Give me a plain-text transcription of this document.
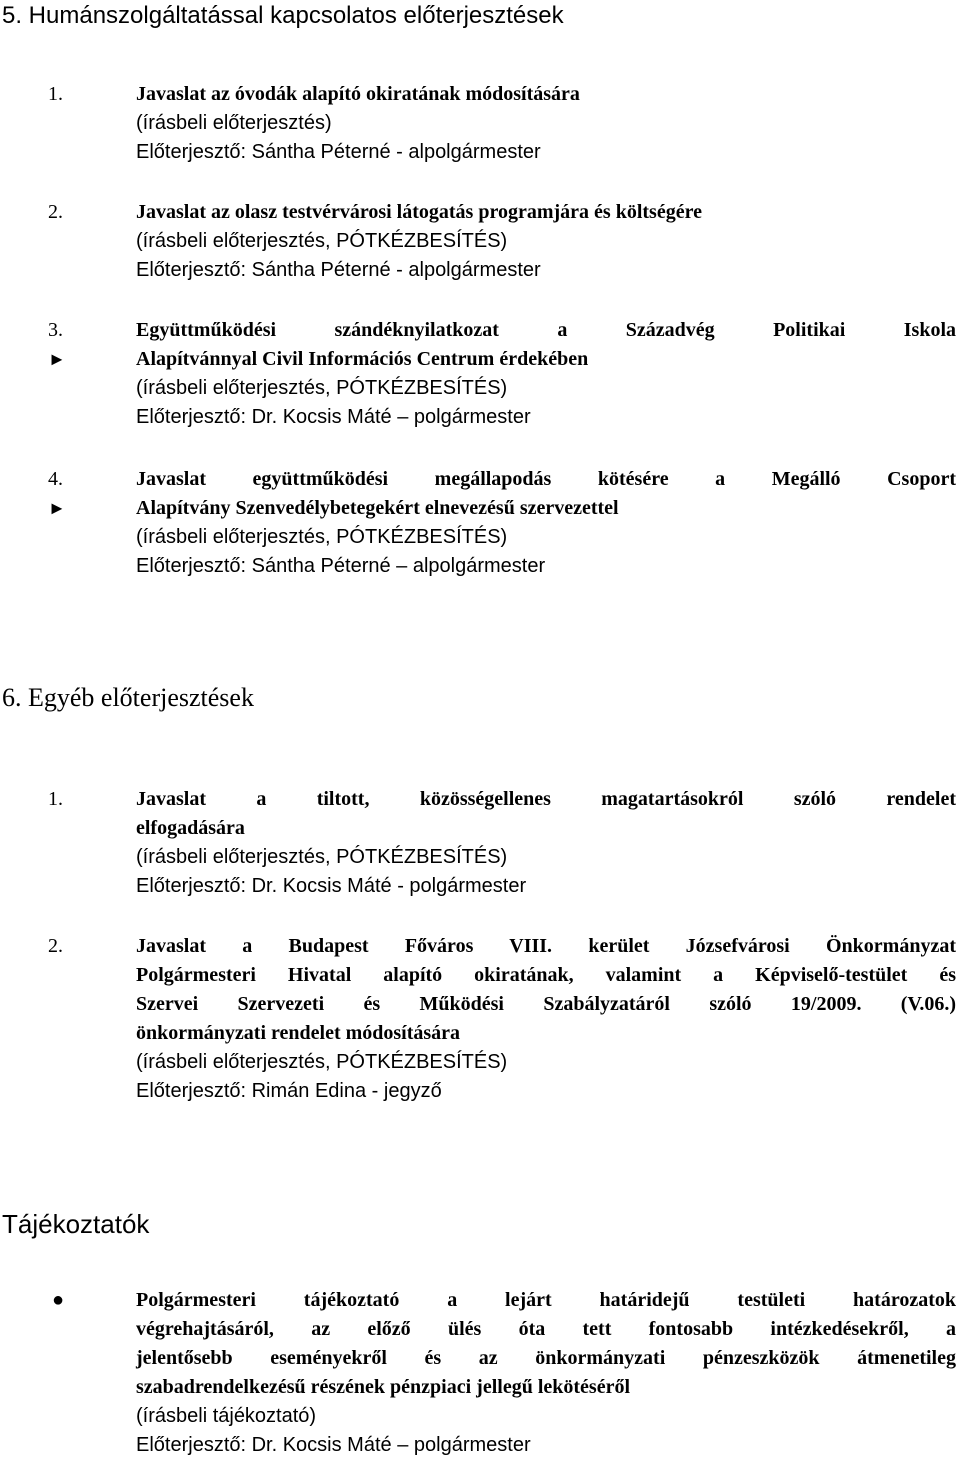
5. Humánszolgáltatással kapcsolatos előterjesztések
1.	Javaslat az óvodák alapító okiratának módosítására
(írásbeli előterjesztés)
Előterjesztő: Sántha Péterné - alpolgármester
2.	Javaslat az olasz testvérvárosi látogatás programjára és költségére
(írásbeli előterjesztés, PÓTKÉZBESÍTÉS)
Előterjesztő: Sántha Péterné - alpolgármester
3.
►
Együttműködési szándéknyilatkozat a Századvég Politikai Iskola
Alapítvánnyal Civil Információs Centrum érdekében
(írásbeli előterjesztés, PÓTKÉZBESÍTÉS)
Előterjesztő: Dr. Kocsis Máté – polgármester
4.
►
Javaslat együttműködési megállapodás kötésére a Megálló Csoport
Alapítvány Szenvedélybetegekért elnevezésű szervezettel
(írásbeli előterjesztés, PÓTKÉZBESÍTÉS)
Előterjesztő: Sántha Péterné – alpolgármester
6. Egyéb előterjesztések
1.	Javaslat a tiltott, közösségellenes magatartásokról szóló rendelet
elfogadására
(írásbeli előterjesztés, PÓTKÉZBESÍTÉS)
Előterjesztő: Dr. Kocsis Máté - polgármester
2.	Javaslat a Budapest Főváros VIII. kerület Józsefvárosi Önkormányzat
Polgármesteri Hivatal alapító okiratának, valamint a Képviselő-testület és
Szervei Szervezeti és Működési Szabályzatáról szóló 19/2009. (V.06.)
önkormányzati rendelet módosítására
(írásbeli előterjesztés, PÓTKÉZBESÍTÉS)
Előterjesztő: Rimán Edina - jegyző
Tájékoztatók
●	Polgármesteri tájékoztató a lejárt határidejű testületi határozatok
végrehajtásáról, az előző ülés óta tett fontosabb intézkedésekről, a
jelentősebb eseményekről és az önkormányzati pénzeszközök átmenetileg
szabadrendelkezésű részének pénzpiaci jellegű lekötéséről
(írásbeli tájékoztató)
Előterjesztő: Dr. Kocsis Máté – polgármester
